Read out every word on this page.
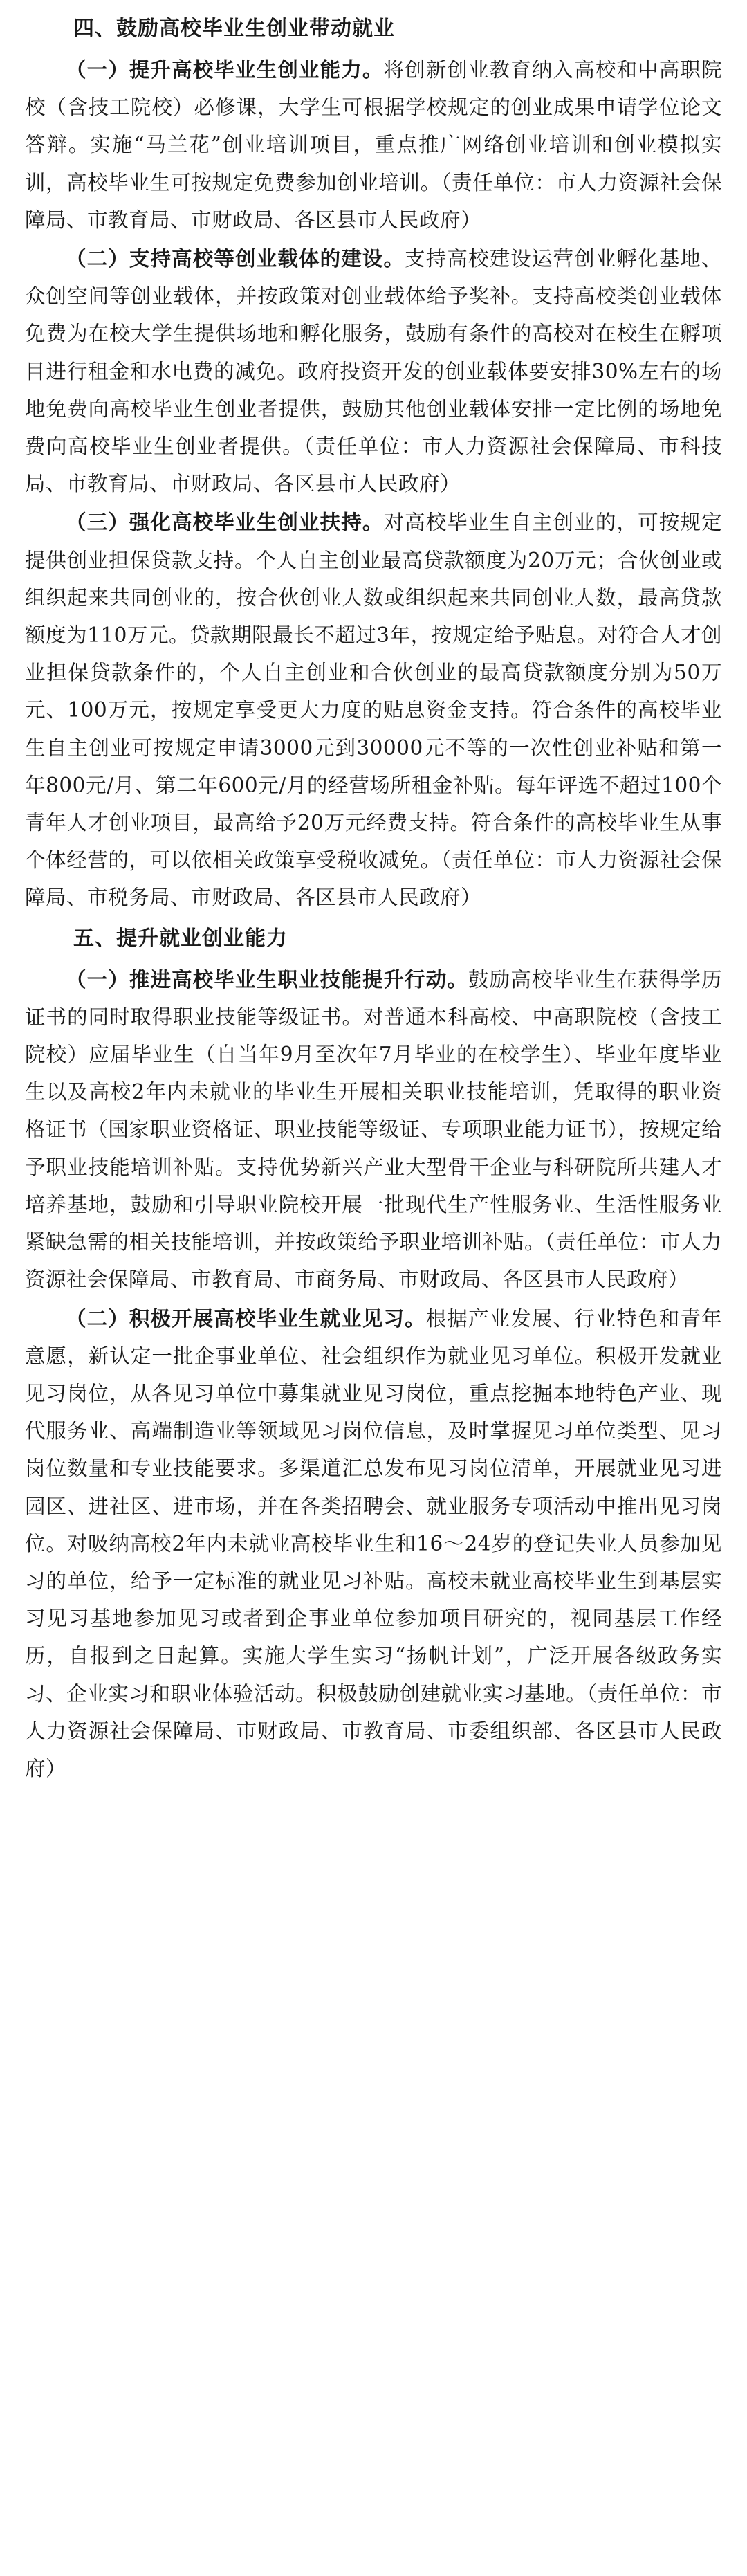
四、鼓励高校毕业生创业带动就业

（一）提升高校毕业生创业能力。将创新创业教育纳入高校和中高职院校（含技工院校）必修课，大学生可根据学校规定的创业成果申请学位论文答辩。实施“马兰花”创业培训项目，重点推广网络创业培训和创业模拟实训，高校毕业生可按规定免费参加创业培训。（责任单位：市人力资源社会保障局、市教育局、市财政局、各区县市人民政府）

（二）支持高校等创业载体的建设。支持高校建设运营创业孵化基地、众创空间等创业载体，并按政策对创业载体给予奖补。支持高校类创业载体免费为在校大学生提供场地和孵化服务，鼓励有条件的高校对在校生在孵项目进行租金和水电费的减免。政府投资开发的创业载体要安排30%左右的场地免费向高校毕业生创业者提供，鼓励其他创业载体安排一定比例的场地免费向高校毕业生创业者提供。（责任单位：市人力资源社会保障局、市科技局、市教育局、市财政局、各区县市人民政府）

（三）强化高校毕业生创业扶持。对高校毕业生自主创业的，可按规定提供创业担保贷款支持。个人自主创业最高贷款额度为20万元；合伙创业或组织起来共同创业的，按合伙创业人数或组织起来共同创业人数，最高贷款额度为110万元。贷款期限最长不超过3年，按规定给予贴息。对符合人才创业担保贷款条件的，个人自主创业和合伙创业的最高贷款额度分别为50万元、100万元，按规定享受更大力度的贴息资金支持。符合条件的高校毕业生自主创业可按规定申请3000元到30000元不等的一次性创业补贴和第一年800元/月、第二年600元/月的经营场所租金补贴。每年评选不超过100个青年人才创业项目，最高给予20万元经费支持。符合条件的高校毕业生从事个体经营的，可以依相关政策享受税收减免。（责任单位：市人力资源社会保障局、市税务局、市财政局、各区县市人民政府）

五、提升就业创业能力

（一）推进高校毕业生职业技能提升行动。鼓励高校毕业生在获得学历证书的同时取得职业技能等级证书。对普通本科高校、中高职院校（含技工院校）应届毕业生（自当年9月至次年7月毕业的在校学生）、毕业年度毕业生以及高校2年内未就业的毕业生开展相关职业技能培训，凭取得的职业资格证书（国家职业资格证、职业技能等级证、专项职业能力证书），按规定给予职业技能培训补贴。支持优势新兴产业大型骨干企业与科研院所共建人才培养基地，鼓励和引导职业院校开展一批现代生产性服务业、生活性服务业紧缺急需的相关技能培训，并按政策给予职业培训补贴。（责任单位：市人力资源社会保障局、市教育局、市商务局、市财政局、各区县市人民政府）

（二）积极开展高校毕业生就业见习。根据产业发展、行业特色和青年意愿，新认定一批企事业单位、社会组织作为就业见习单位。积极开发就业见习岗位，从各见习单位中募集就业见习岗位，重点挖掘本地特色产业、现代服务业、高端制造业等领域见习岗位信息，及时掌握见习单位类型、见习岗位数量和专业技能要求。多渠道汇总发布见习岗位清单，开展就业见习进园区、进社区、进市场，并在各类招聘会、就业服务专项活动中推出见习岗位。对吸纳高校2年内未就业高校毕业生和16～24岁的登记失业人员参加见习的单位，给予一定标准的就业见习补贴。高校未就业高校毕业生到基层实习见习基地参加见习或者到企事业单位参加项目研究的，视同基层工作经历，自报到之日起算。实施大学生实习“扬帆计划”，广泛开展各级政务实习、企业实习和职业体验活动。积极鼓励创建就业实习基地。（责任单位：市人力资源社会保障局、市财政局、市教育局、市委组织部、各区县市人民政府）
